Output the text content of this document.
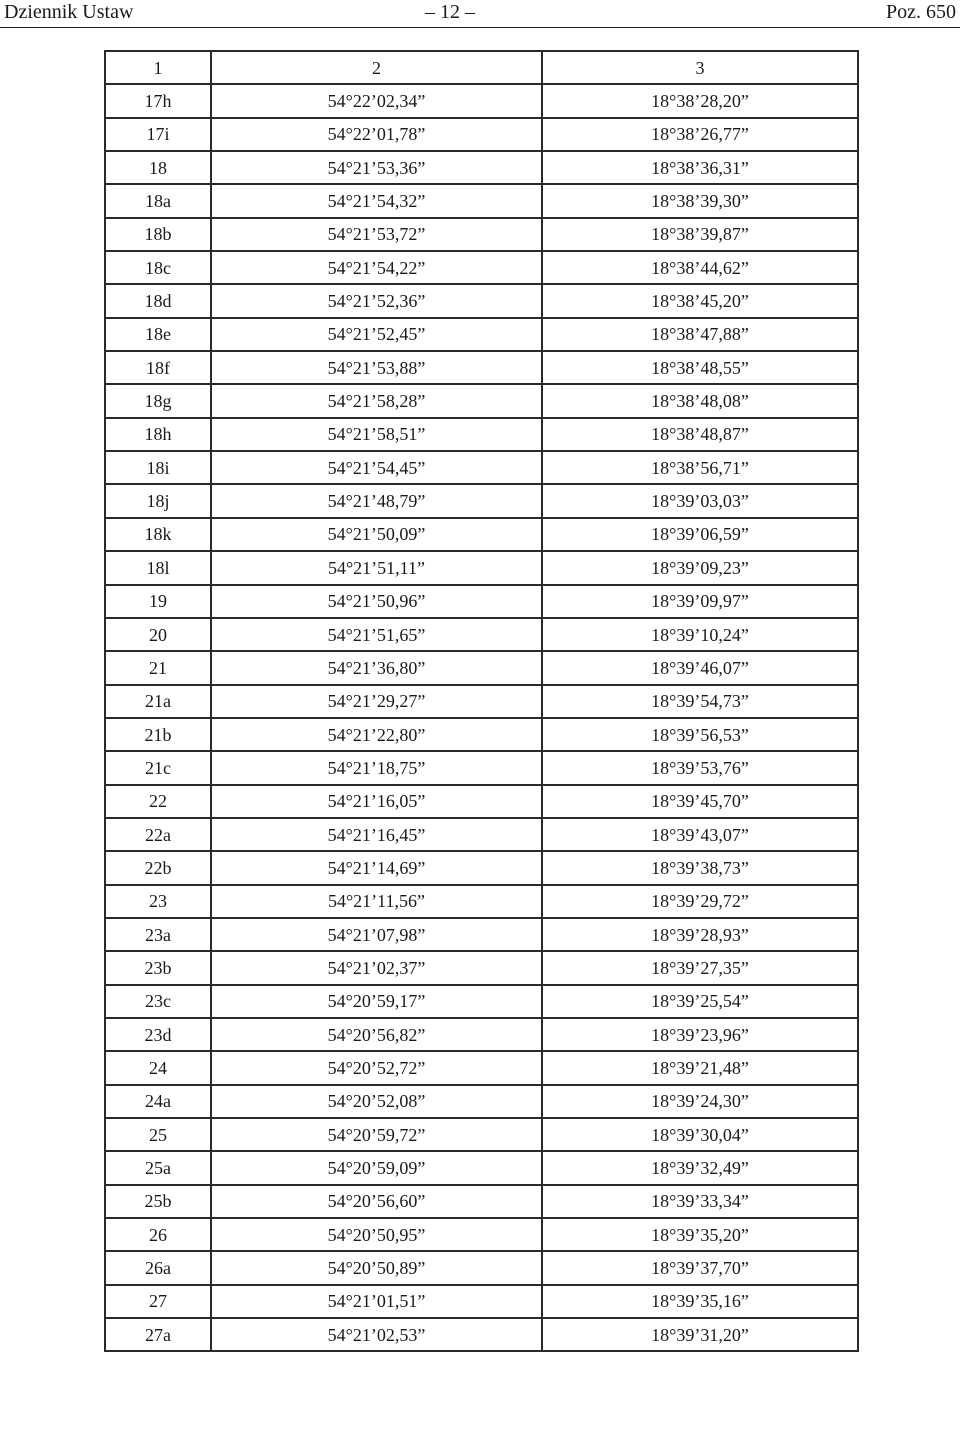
Dziennik Ustaw	– 12 –	Poz. 650
1	2	3
17h	54°22’02,34”	18°38’28,20”
17i	54°22’01,78”	18°38’26,77”
18	54°21’53,36”	18°38’36,31”
18a	54°21’54,32”	18°38’39,30”
18b	54°21’53,72”	18°38’39,87”
18c	54°21’54,22”	18°38’44,62”
18d	54°21’52,36”	18°38’45,20”
18e	54°21’52,45”	18°38’47,88”
18f	54°21’53,88”	18°38’48,55”
18g	54°21’58,28”	18°38’48,08”
18h	54°21’58,51”	18°38’48,87”
18i	54°21’54,45”	18°38’56,71”
18j	54°21’48,79”	18°39’03,03”
18k	54°21’50,09”	18°39’06,59”
18l	54°21’51,11”	18°39’09,23”
19	54°21’50,96”	18°39’09,97”
20	54°21’51,65”	18°39’10,24”
21	54°21’36,80”	18°39’46,07”
21a	54°21’29,27”	18°39’54,73”
21b	54°21’22,80”	18°39’56,53”
21c	54°21’18,75”	18°39’53,76”
22	54°21’16,05”	18°39’45,70”
22a	54°21’16,45”	18°39’43,07”
22b	54°21’14,69”	18°39’38,73”
23	54°21’11,56”	18°39’29,72”
23a	54°21’07,98”	18°39’28,93”
23b	54°21’02,37”	18°39’27,35”
23c	54°20’59,17”	18°39’25,54”
23d	54°20’56,82”	18°39’23,96”
24	54°20’52,72”	18°39’21,48”
24a	54°20’52,08”	18°39’24,30”
25	54°20’59,72”	18°39’30,04”
25a	54°20’59,09”	18°39’32,49”
25b	54°20’56,60”	18°39’33,34”
26	54°20’50,95”	18°39’35,20”
26a	54°20’50,89”	18°39’37,70”
27	54°21’01,51”	18°39’35,16”
27a	54°21’02,53”	18°39’31,20”
